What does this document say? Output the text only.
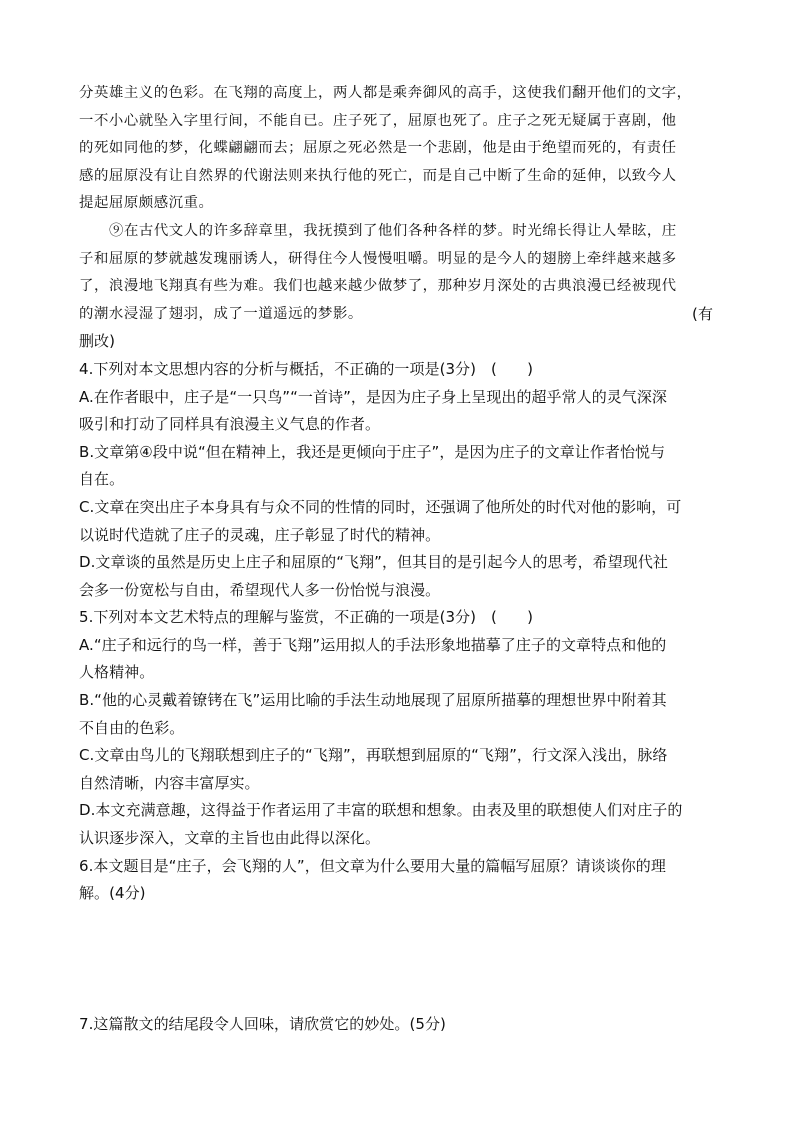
分英雄主义的色彩。在飞翔的高度上，两人都是乘奔御风的高手，这使我们翻开他们的文字，
一不小心就坠入字里行间，不能自已。庄子死了，屈原也死了。庄子之死无疑属于喜剧，他
的死如同他的梦，化蝶翩翩而去；屈原之死必然是一个悲剧，他是由于绝望而死的，有责任
感的屈原没有让自然界的代谢法则来执行他的死亡，而是自己中断了生命的延伸，以致今人
提起屈原颇感沉重。
⑨在古代文人的许多辞章里，我抚摸到了他们各种各样的梦。时光绵长得让人晕眩，庄
子和屈原的梦就越发瑰丽诱人，研得住今人慢慢咀嚼。明显的是今人的翅膀上牵绊越来越多
了，浪漫地飞翔真有些为难。我们也越来越少做梦了，那种岁月深处的古典浪漫已经被现代
的潮水浸湿了翅羽，成了一道遥远的梦影。	(有
删改)
4.下列对本文思想内容的分析与概括，不正确的一项是(3分)　(　　)
A.在作者眼中，庄子是“一只鸟”“一首诗”，是因为庄子身上呈现出的超乎常人的灵气深深
吸引和打动了同样具有浪漫主义气息的作者。
B.文章第④段中说“但在精神上，我还是更倾向于庄子”，是因为庄子的文章让作者怡悦与
自在。
C.文章在突出庄子本身具有与众不同的性情的同时，还强调了他所处的时代对他的影响，可
以说时代造就了庄子的灵魂，庄子彰显了时代的精神。
D.文章谈的虽然是历史上庄子和屈原的“飞翔”，但其目的是引起今人的思考，希望现代社
会多一份宽松与自由，希望现代人多一份怡悦与浪漫。
5.下列对本文艺术特点的理解与鉴赏，不正确的一项是(3分)　(　　)
A.“庄子和远行的鸟一样，善于飞翔”运用拟人的手法形象地描摹了庄子的文章特点和他的
人格精神。
B.“他的心灵戴着镣铐在飞”运用比喻的手法生动地展现了屈原所描摹的理想世界中附着其
不自由的色彩。
C.文章由鸟儿的飞翔联想到庄子的“飞翔”，再联想到屈原的“飞翔”，行文深入浅出，脉络
自然清晰，内容丰富厚实。
D.本文充满意趣，这得益于作者运用了丰富的联想和想象。由表及里的联想使人们对庄子的
认识逐步深入，文章的主旨也由此得以深化。
6.本文题目是“庄子，会飞翔的人”，但文章为什么要用大量的篇幅写屈原？请谈谈你的理
解。(4分)
7.这篇散文的结尾段令人回味，请欣赏它的妙处。(5分)
